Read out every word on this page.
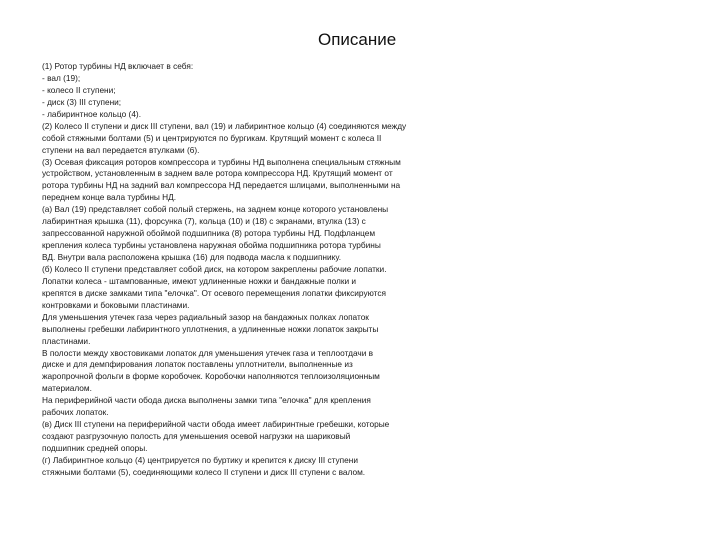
Описание
(1) Ротор турбины НД включает в себя:
- вал (19);
- колесо II ступени;
- диск (3) III ступени;
- лабиринтное кольцо (4).
(2) Колесо II ступени и диск III ступени, вал (19) и лабиринтное кольцо (4) соединяются между
собой стяжными болтами (5) и центрируются по бургикам. Крутящий момент с колеса II
ступени на вал передается втулками (6).
(3) Осевая фиксация роторов компрессора и турбины НД выполнена специальным стяжным
устройством, установленным в заднем вале ротора компрессора НД. Крутящий момент от
ротора турбины НД на задний вал компрессора НД передается шлицами, выполненными на
переднем конце вала турбины НД.
(а) Вал (19) представляет собой полый стержень, на заднем конце которого установлены
лабиринтная крышка (11), форсунка (7), кольца (10) и (18) с экранами, втулка (13) с
запрессованной наружной обоймой подшипника (8) ротора турбины НД. Подфланцем
крепления колеса турбины установлена наружная обойма подшипника ротора турбины
ВД. Внутри вала расположена крышка (16) для подвода масла к подшипнику.
(б) Колесо II ступени представляет собой диск, на котором закреплены рабочие лопатки.
Лопатки колеса - штампованные, имеют удлиненные ножки и бандажные полки и
крепятся в диске замками типа "елочка". От осевого перемещения лопатки фиксируются
контровками и боковыми пластинами.
Для уменьшения утечек газа через радиальный зазор на бандажных полках лопаток
выполнены гребешки лабиринтного уплотнения, а удлиненные ножки лопаток закрыты
пластинами.
В полости между хвостовиками лопаток для уменьшения утечек газа и теплоотдачи в
диске и для демпфирования лопаток поставлены уплотнители, выполненные из
жаропрочной фольги в форме коробочек. Коробочки наполняются теплоизоляционным
материалом.
На периферийной части обода диска выполнены замки типа "елочка" для крепления
рабочих лопаток.
(в) Диск III ступени на периферийной части обода имеет лабиринтные гребешки, которые
создают разгрузочную полость для уменьшения осевой нагрузки на шариковый
подшипник средней опоры.
(г) Лабиринтное кольцо (4) центрируется по буртику и крепится к диску III ступени
стяжными болтами (5), соединяющими колесо II ступени и диск III ступени с валом.
